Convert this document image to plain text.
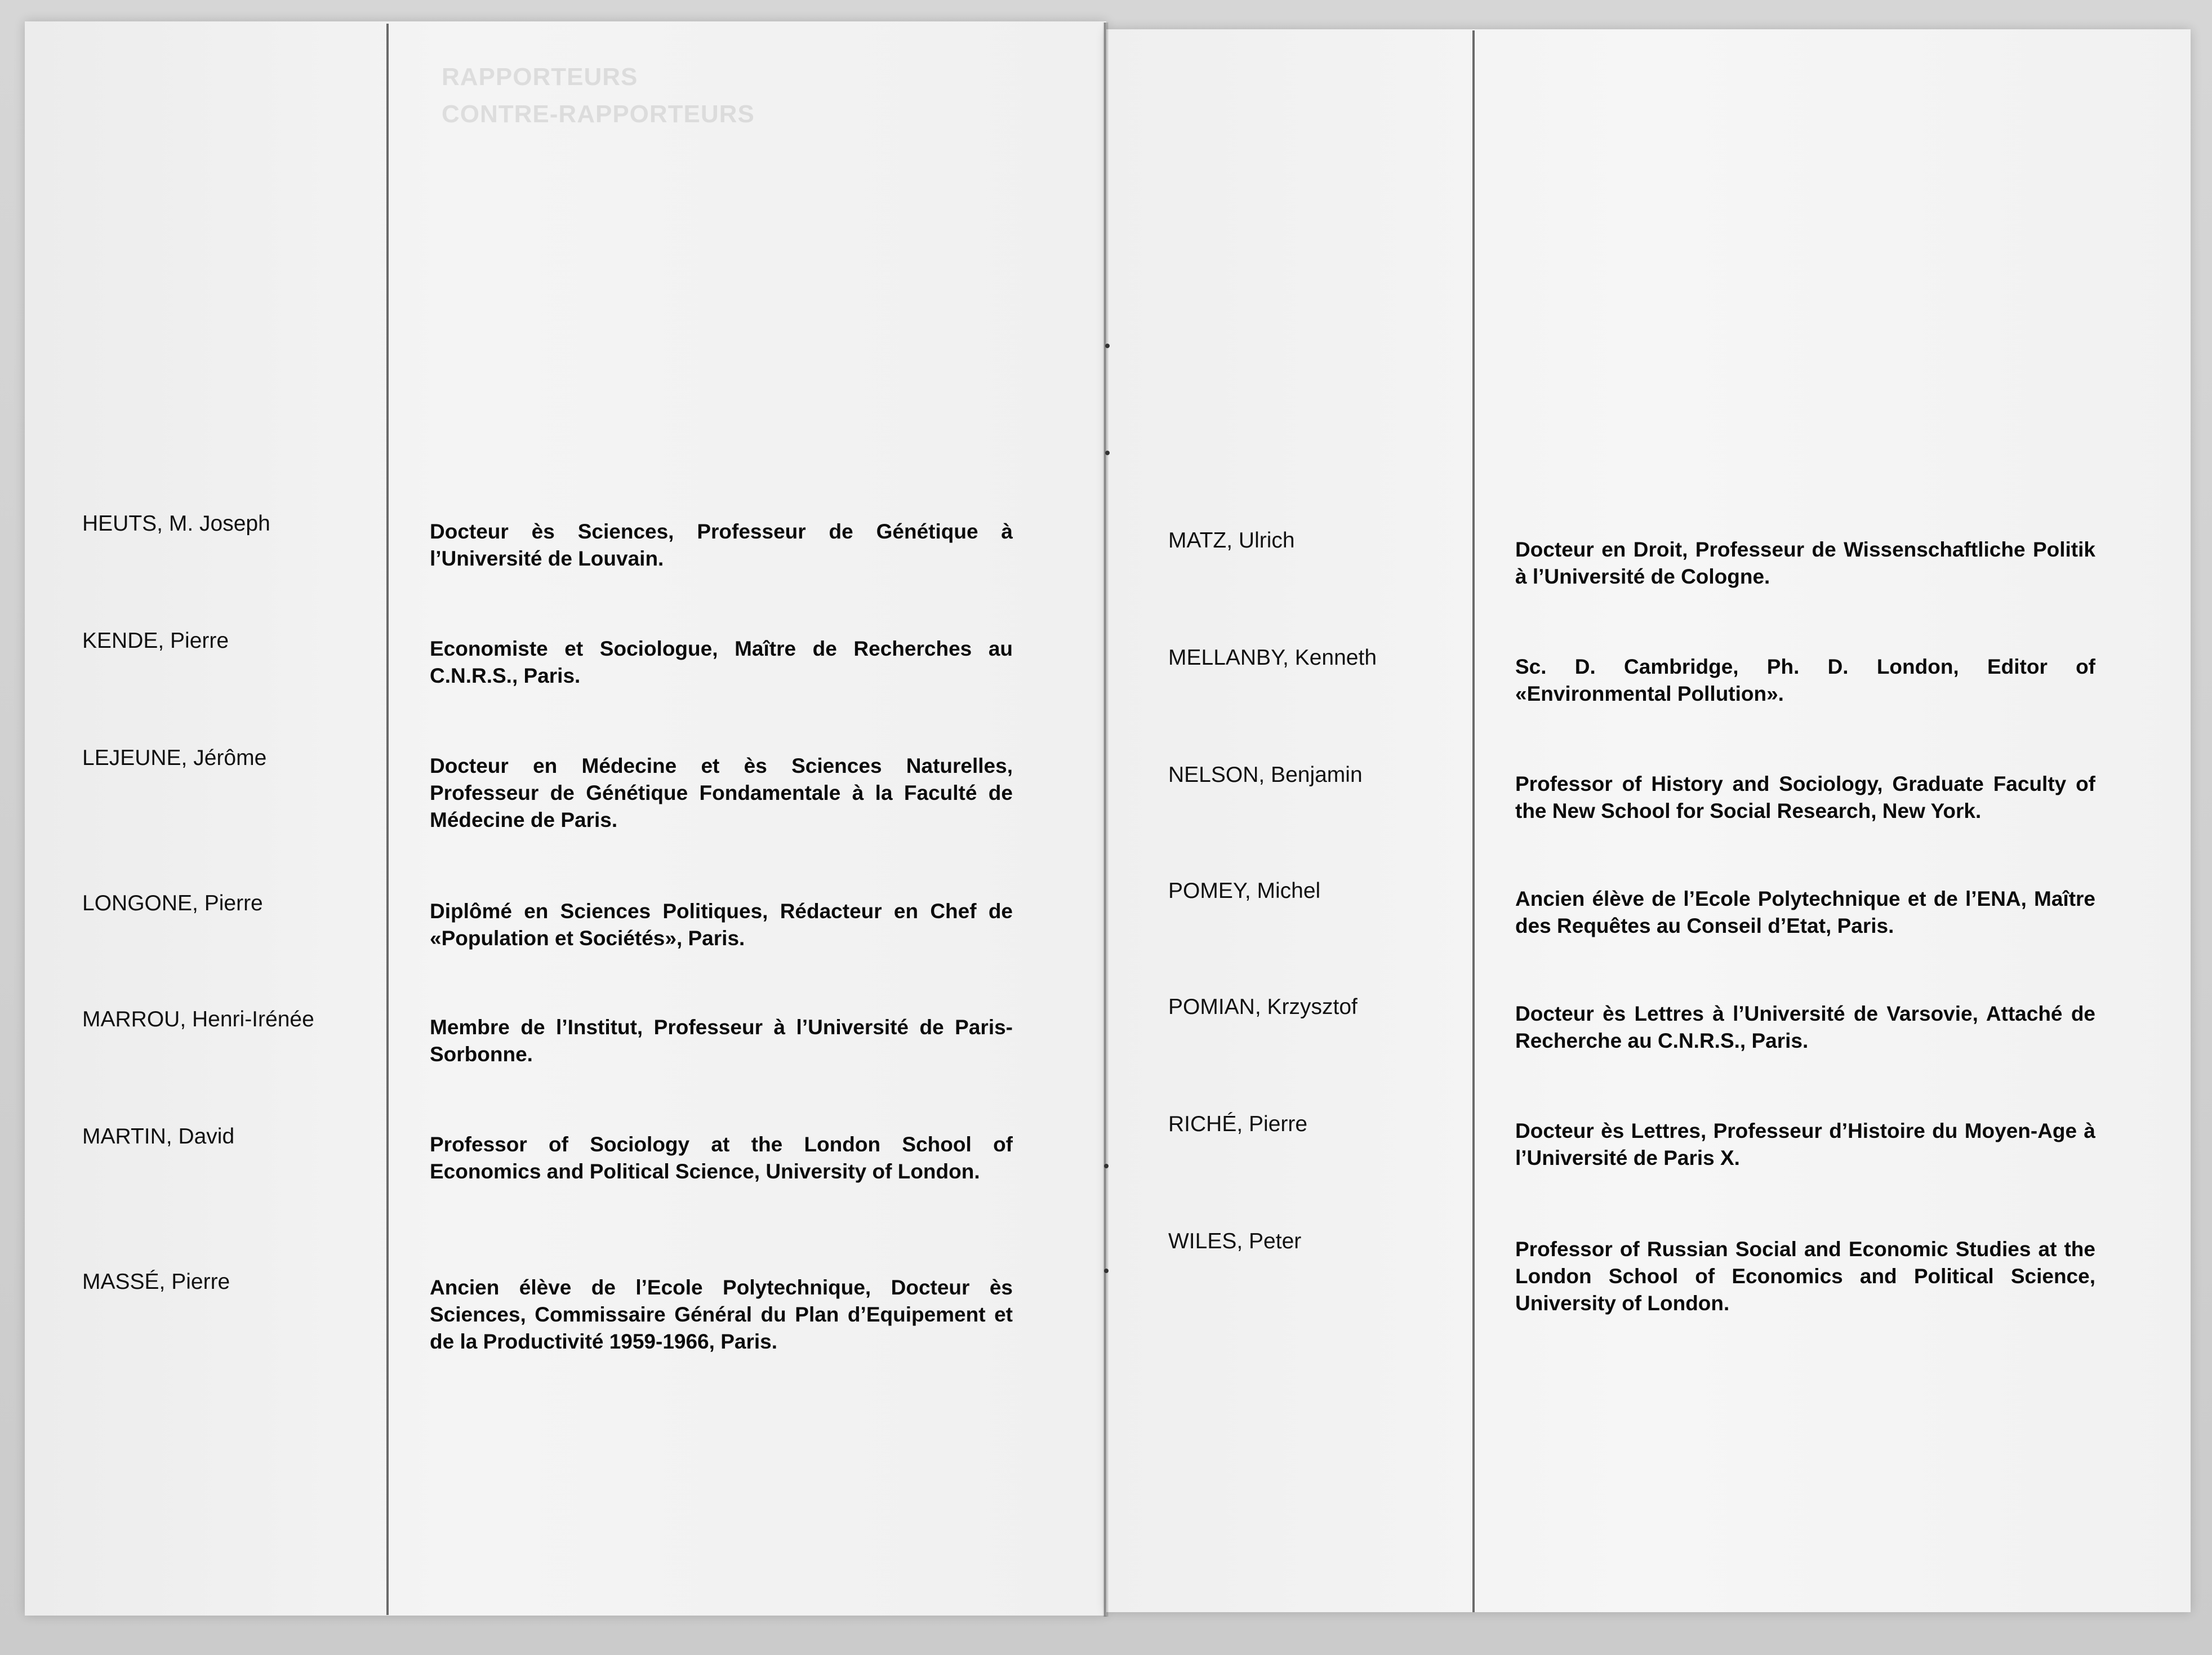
RAPPORTEURS
CONTRE-RAPPORTEURS
HEUTS, M. Joseph	Docteur ès Sciences, Professeur de Génétique à l’Université de Louvain.
KENDE, Pierre	Economiste et Sociologue, Maître de Recherches au C.N.R.S., Paris.
LEJEUNE, Jérôme	Docteur en Médecine et ès Sciences Naturelles, Professeur de Génétique Fondamentale à la Faculté de Médecine de Paris.
LONGONE, Pierre	Diplômé en Sciences Politiques, Rédacteur en Chef de «Population et Sociétés», Paris.
MARROU, Henri-Irénée	Membre de l’Institut, Professeur à l’Université de Paris-Sorbonne.
MARTIN, David	Professor of Sociology at the London School of Economics and Political Science, University of London.
MASSÉ, Pierre	Ancien élève de l’Ecole Polytechnique, Docteur ès Sciences, Commissaire Général du Plan d’Equipement et de la Productivité 1959-1966, Paris.
MATZ, Ulrich	Docteur en Droit, Professeur de Wissenschaftliche Politik à l’Université de Cologne.
MELLANBY, Kenneth	Sc. D. Cambridge, Ph. D. London, Editor of «Environmental Pollution».
NELSON, Benjamin	Professor of History and Sociology, Graduate Faculty of the New School for Social Research, New York.
POMEY, Michel	Ancien élève de l’Ecole Polytechnique et de l’ENA, Maître des Requêtes au Conseil d’Etat, Paris.
POMIAN, Krzysztof	Docteur ès Lettres à l’Université de Varsovie, Attaché de Recherche au C.N.R.S., Paris.
RICHÉ, Pierre	Docteur ès Lettres, Professeur d’Histoire du Moyen-Age à l’Université de Paris X.
WILES, Peter	Professor of Russian Social and Economic Studies at the London School of Economics and Political Science, University of London.
